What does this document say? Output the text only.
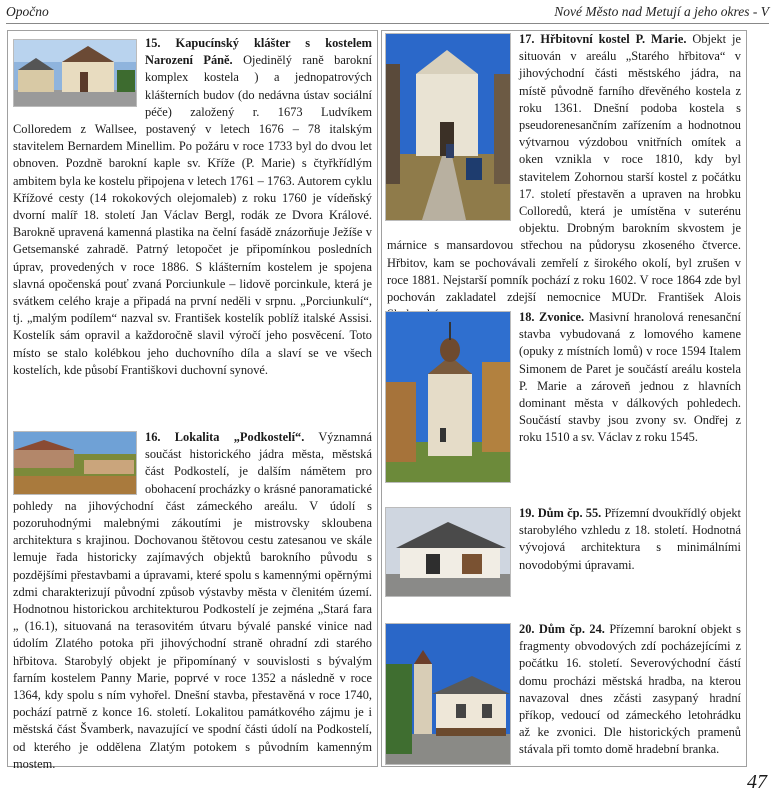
Opočno	Nové Město nad Metují a jeho okres - V

15. Kapucínský klášter s kostelem Narození Páně. Ojedinělý raně barokní komplex kostela ) a jednopatrových klášterních budov (do nedávna ústav sociální péče) založený r. 1673 Ludvíkem Colloredem z Wallsee, postavený v letech 1676 – 78 italským stavitelem Bernardem Minellim. Po požáru v roce 1733 byl do dvou let obnoven. Pozdně barokní kaple sv. Kříže (P. Marie) s čtyřkřídlým ambitem byla ke kostelu připojena v letech 1761 – 1763. Autorem cyklu Křížové cesty (14 rokokových olejomaleb) z roku 1760 je vídeňský dvorní malíř 18. století Jan Václav Bergl, rodák ze Dvora Králové. Barokně upravená kamenná plastika na čelní fasádě znázorňuje Ježíše v Getsemanské zahradě. Patrný letopočet je připomínkou posledních úprav, provedených v roce 1886. S klášterním kostelem je spojena slavná opočenská pouť zvaná Porciunkule – lidově porcinkule, která je svátkem celého kraje a připadá na první neděli v srpnu. „Porciunkulí“, tj. „malým podílem“ nazval sv. František kostelík poblíž italské Assisi. Kostelík sám opravil a každoročně slavil výročí jeho posvěcení. Toto místo se stalo kolébkou jeho duchovního díla a slaví se ve všech kostelích, kde působí Františkovi duchovní synové.

16. Lokalita „Podkostelí“. Významná součást historického jádra města, městská část Podkostelí, je dalším námětem pro obohacení procházky o krásné panoramatické pohledy na jihovýchodní část zámeckého areálu. V údolí s pozoruhodnými malebnými zákoutími je mistrovsky skloubena architektura s krajinou. Dochovanou štětovou cestu zatesanou ve skále lemuje řada historicky zajímavých objektů barokního původu s pozdějšími přestavbami a úpravami, které spolu s kamennými opěrnými zdmi charakterizují původní způsob výstavby města v členitém území. Hodnotnou historickou architekturou Podkostelí je zejména „Stará fara „ (16.1), situovaná na terasovitém útvaru bývalé panské vinice nad údolím Zlatého potoka při jihovýchodní straně ohradní zdi starého hřbitova. Starobylý objekt je připomínaný v souvislosti s bývalým farním kostelem Panny Marie, poprvé v roce 1352 a následně v roce 1364, kdy spolu s ním vyhořel. Dnešní stavba, přestavěná v roce 1740, pochází patrně z konce 16. století. Lokalitou památkového zájmu je i městská část Švamberk, navazující ve spodní části údolí na Podkostelí, od kterého je oddělena Zlatým potokem s původním kamenným mostem.

17. Hřbitovní kostel P. Marie. Objekt je situován v areálu „Starého hřbitova“ v jihovýchodní části městského jádra, na místě původně farního dřevěného kostela z roku 1361. Dnešní podoba kostela s pseudorenesančním zařízením a hodnotnou výtvarnou výzdobou vnitřních omítek a oken vznikla v roce 1810, kdy byl stavitelem Zohornou starší kostel z počátku 17. století přestavěn a upraven na hrobku Colloredů, která je umístěna v suterénu objektu. Drobným barokním skvostem je márnice s mansardovou střechou na půdorysu zkoseného čtverce. Hřbitov, kam se pochovávali zemřelí z širokého okolí, byl zrušen v roce 1881. Nejstarší pomník pochází z roku 1602. V roce 1864 zde byl pochován zakladatel zdejší nemocnice MUDr. František Alois

18. Zvonice. Masivní hranolová renesanční stavba vybudovaná z lomového kamene (opuky z místních lomů) v roce 1594 Italem Simonem de Paret je součástí areálu kostela P. Marie a zároveň jednou z hlavních dominant města v dálkových pohledech. Součástí stavby jsou zvony sv. Ondřej z roku 1510 a sv. Václav z roku 1545.

19. Dům čp. 55. Přízemní dvoukřídlý objekt starobylého vzhledu z 18. století. Hodnotná vývojová architektura s minimálními novodobými úpravami.

20. Dům čp. 24. Přízemní barokní objekt s fragmenty obvodových zdí pocházejícími z počátku 16. století. Severovýchodní částí domu procházi městská hradba, na kterou navazoval dnes zčásti zasypaný hradní příkop, vedoucí od zámeckého letohrádku až ke zvonici. Dle historických pramenů stávala při tomto domě hradební branka.

47
